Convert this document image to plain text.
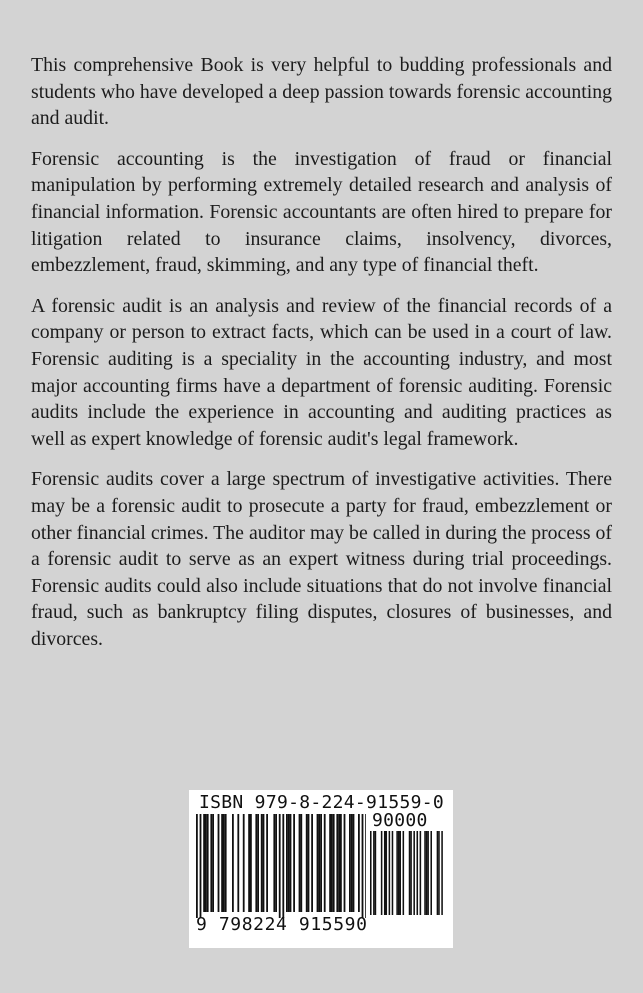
This comprehensive Book is very helpful to budding professionals and students who have developed a deep passion towards forensic accounting and audit.

Forensic accounting is the investigation of fraud or financial manipulation by performing extremely detailed research and analysis of financial information. Forensic accountants are often hired to prepare for litigation related to insurance claims, insolvency, divorces, embezzlement, fraud, skimming, and any type of financial theft.

A forensic audit is an analysis and review of the financial records of a company or person to extract facts, which can be used in a court of law. Forensic auditing is a speciality in the accounting industry, and most major accounting firms have a department of forensic auditing. Forensic audits include the experience in accounting and auditing practices as well as expert knowledge of forensic audit's legal framework.

Forensic audits cover a large spectrum of investigative activities. There may be a forensic audit to prosecute a party for fraud, embezzlement or other financial crimes. The auditor may be called in during the process of a forensic audit to serve as an expert witness during trial proceedings. Forensic audits could also include situations that do not involve financial fraud, such as bankruptcy filing disputes, closures of businesses, and divorces.

ISBN 979-8-224-91559-0
90000
9 798224 915590
